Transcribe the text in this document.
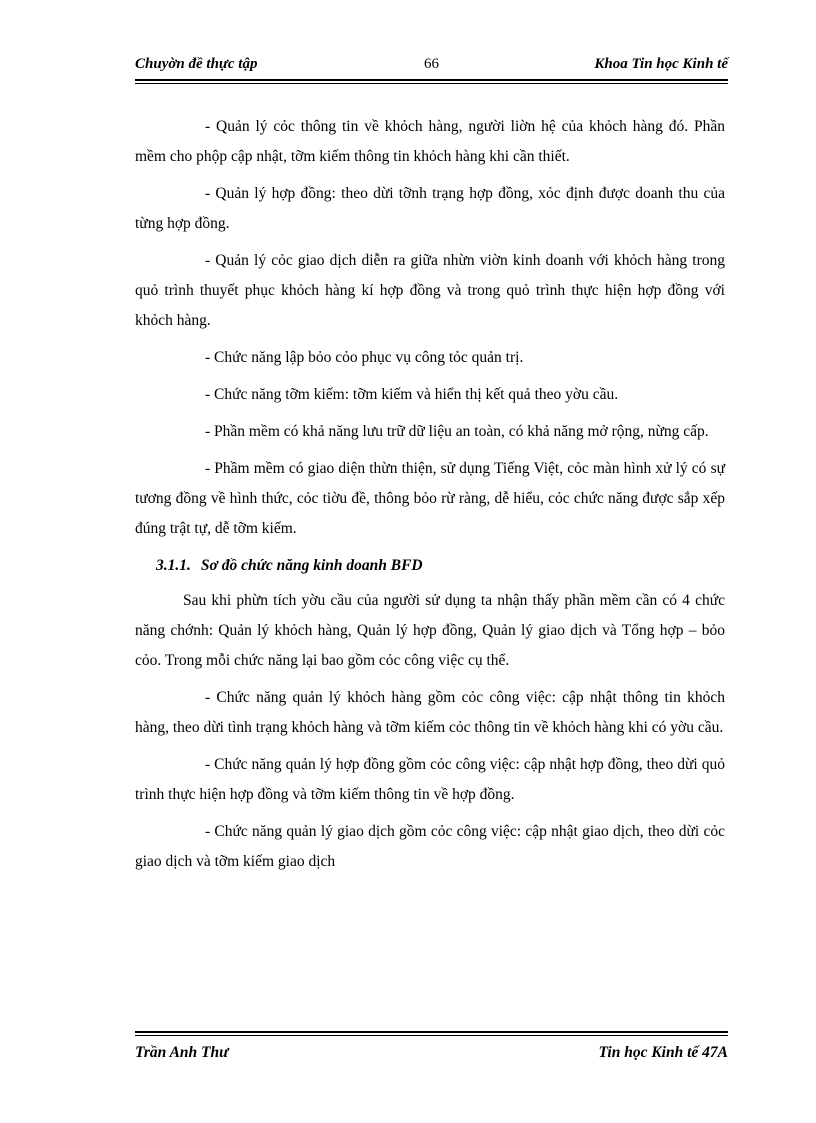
Chuyờn đề thực tập	66	Khoa Tin học Kinh tế

- Quản lý cỏc thông tin về khỏch hàng, người liờn hệ của khỏch hàng đó. Phần mềm cho phộp cập nhật, tỡm kiếm thông tin khỏch hàng khi cần thiết.

- Quản lý hợp đồng: theo dừi tỡnh trạng hợp đồng, xỏc định được doanh thu của từng hợp đồng.

- Quản lý cỏc giao dịch diễn ra giữa nhừn viờn kinh doanh với khỏch hàng trong quỏ trình thuyết phục khỏch hàng kí hợp đồng và trong quỏ trình thực hiện hợp đồng với khỏch hàng.

- Chức năng lập bỏo cỏo phục vụ công tỏc quản trị.

- Chức năng tỡm kiếm: tỡm kiếm và hiển thị kết quả theo yờu cầu.

- Phần mềm có khả năng lưu trữ dữ liệu an toàn, có khả năng mở rộng, nừng cấp.

- Phầm mềm có giao diện thừn thiện, sử dụng Tiếng Việt, cỏc màn hình xử lý có sự tương đồng về hình thức, cỏc tiờu đề, thông bỏo rừ ràng, dễ hiểu, cỏc chức năng được sắp xếp đúng trật tự, dễ tỡm kiếm.

3.1.1. Sơ đồ chức năng kinh doanh BFD

Sau khi phừn tích yờu cầu của người sử dụng ta nhận thấy phần mềm cần có 4 chức năng chớnh: Quản lý khỏch hàng, Quản lý hợp đồng, Quản lý giao dịch và Tổng hợp – bỏo cỏo. Trong mỗi chức năng lại bao gồm cỏc công việc cụ thể.

- Chức năng quản lý khỏch hàng gồm cỏc công việc: cập nhật thông tin khỏch hàng, theo dừi tình trạng khỏch hàng và tỡm kiếm cỏc thông tin về khỏch hàng khi có yờu cầu.

- Chức năng quản lý hợp đồng gồm cỏc công việc: cập nhật hợp đồng, theo dừi quỏ trình thực hiện hợp đồng và tỡm kiếm thông tin về hợp đồng.

- Chức năng quản lý giao dịch gồm cỏc công việc: cập nhật giao dịch, theo dừi cỏc giao dịch và tỡm kiếm giao dịch

Trần Anh Thư	Tin học Kinh tế 47A
